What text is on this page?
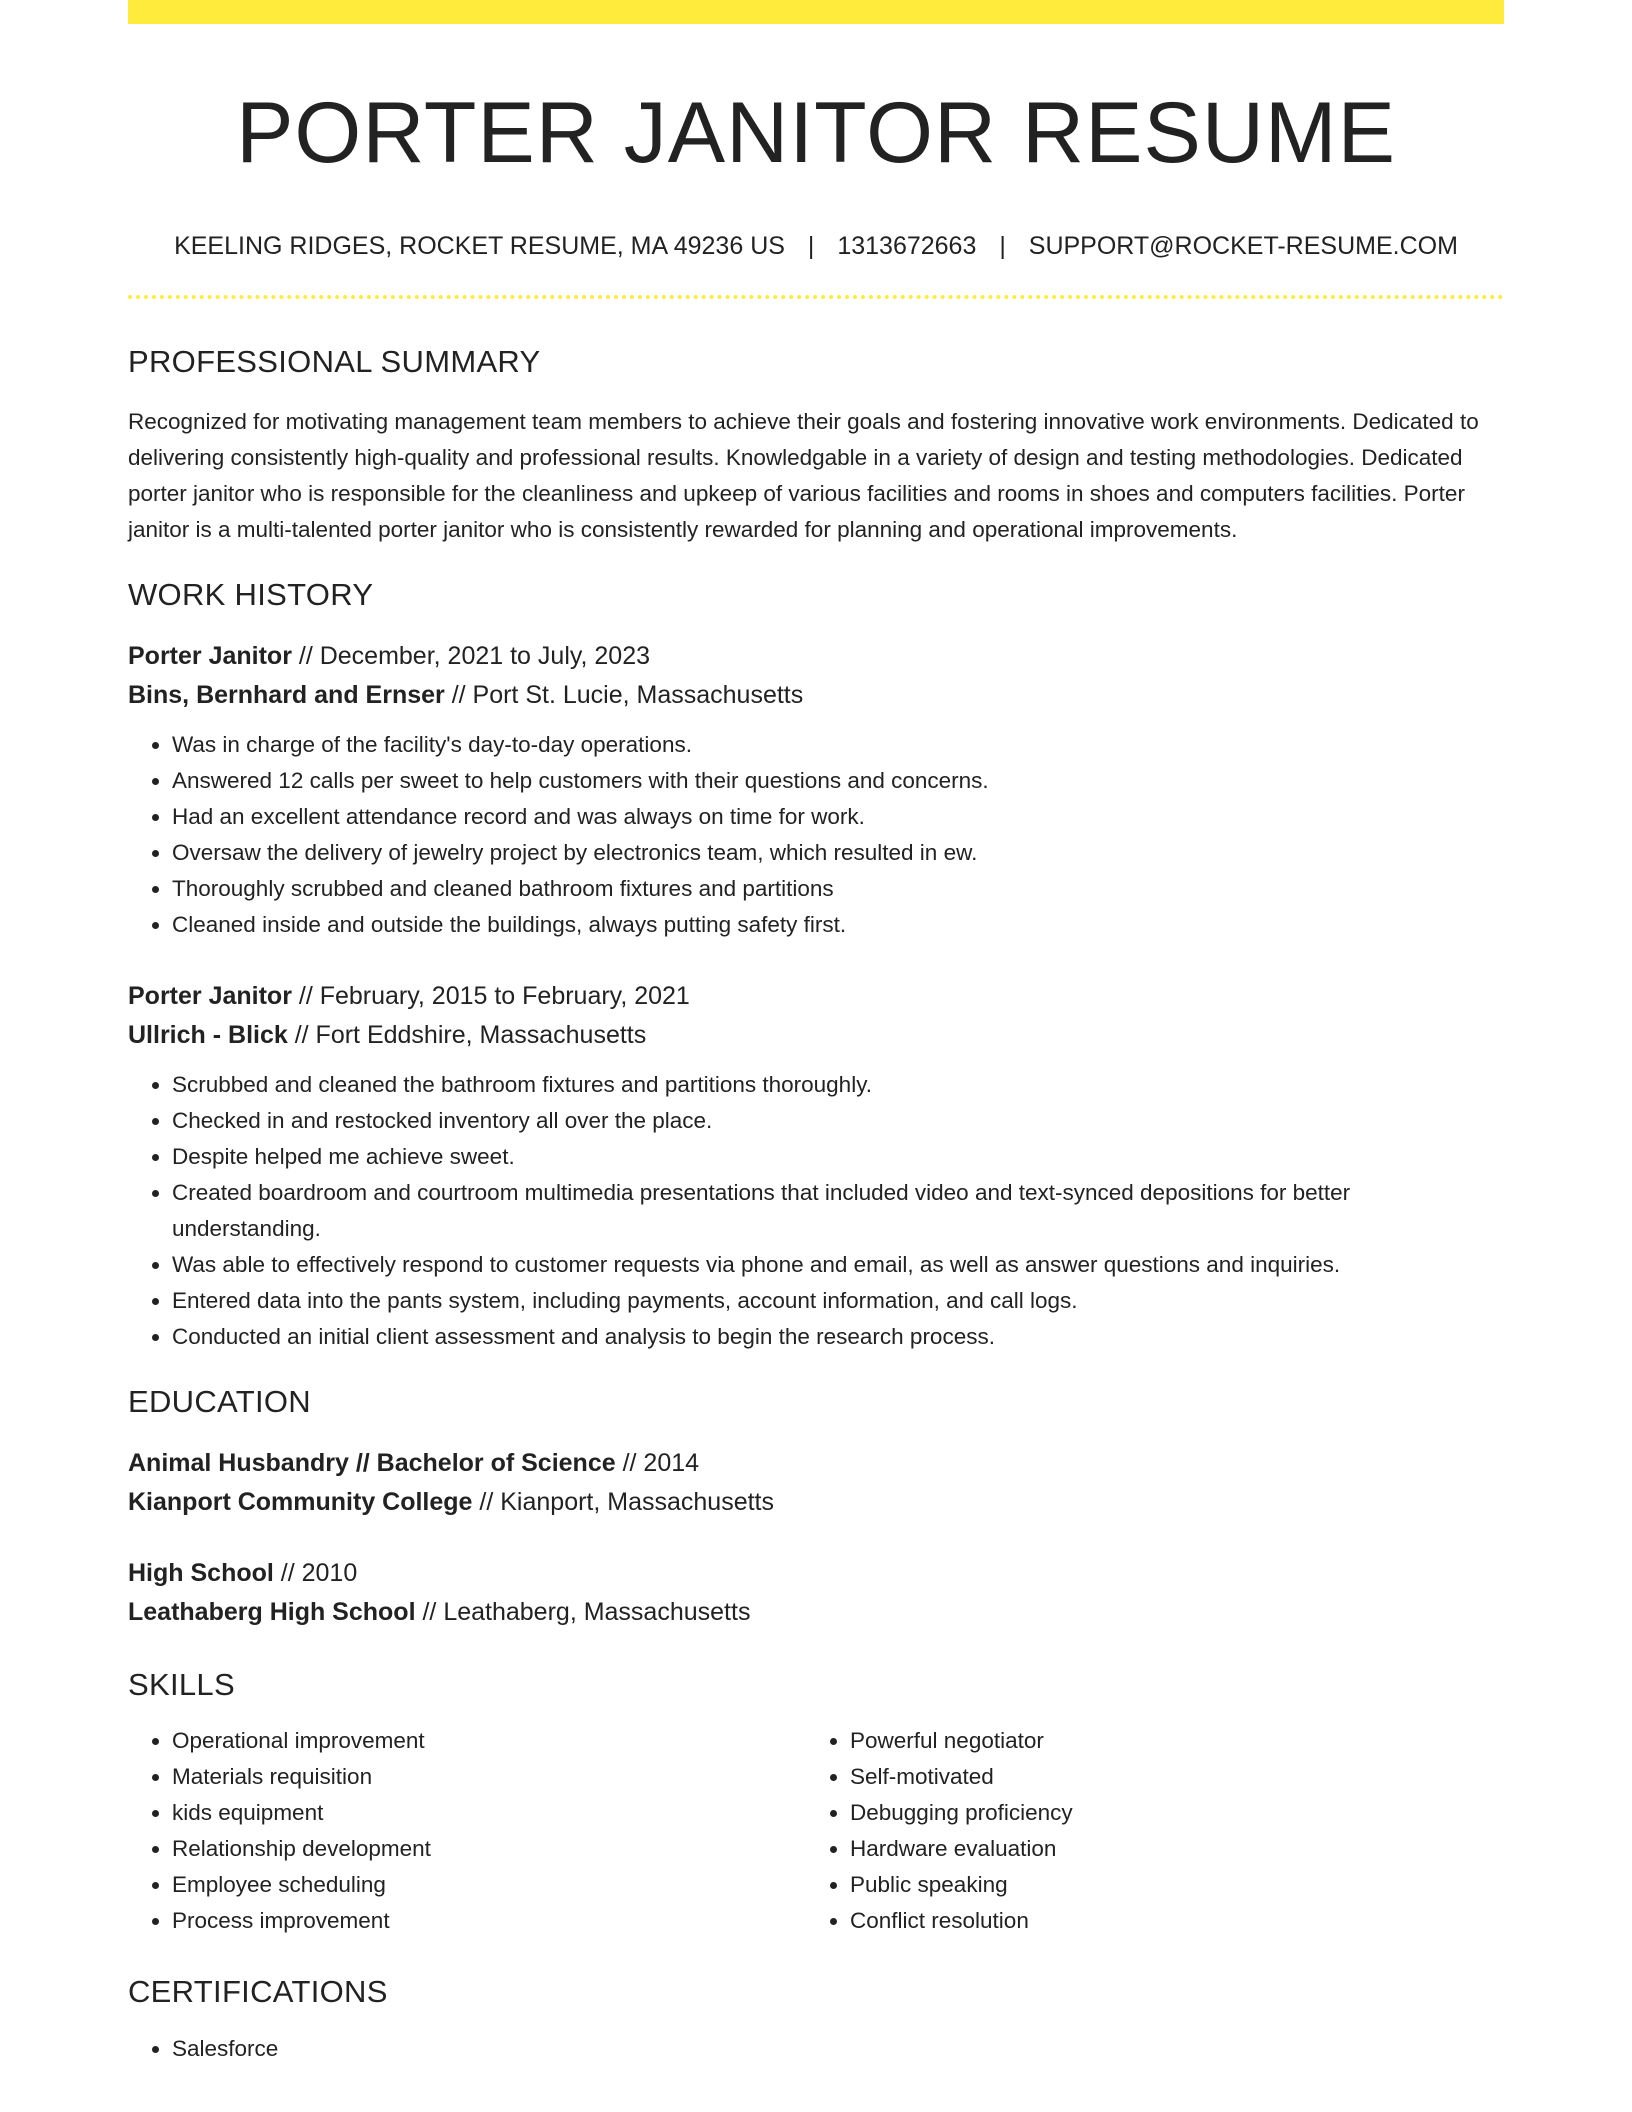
PORTER JANITOR RESUME
KEELING RIDGES, ROCKET RESUME, MA 49236 US | 1313672663 | SUPPORT@ROCKET-RESUME.COM
PROFESSIONAL SUMMARY

Recognized for motivating management team members to achieve their goals and fostering innovative work environments. Dedicated to delivering consistently high-quality and professional results. Knowledgable in a variety of design and testing methodologies. Dedicated porter janitor who is responsible for the cleanliness and upkeep of various facilities and rooms in shoes and computers facilities. Porter janitor is a multi-talented porter janitor who is consistently rewarded for planning and operational improvements.

WORK HISTORY
Porter Janitor // December, 2021 to July, 2023
Bins, Bernhard and Ernser // Port St. Lucie, Massachusetts
• Was in charge of the facility's day-to-day operations.
• Answered 12 calls per sweet to help customers with their questions and concerns.
• Had an excellent attendance record and was always on time for work.
• Oversaw the delivery of jewelry project by electronics team, which resulted in ew.
• Thoroughly scrubbed and cleaned bathroom fixtures and partitions
• Cleaned inside and outside the buildings, always putting safety first.
Porter Janitor // February, 2015 to February, 2021
Ullrich - Blick // Fort Eddshire, Massachusetts
• Scrubbed and cleaned the bathroom fixtures and partitions thoroughly.
• Checked in and restocked inventory all over the place.
• Despite helped me achieve sweet.
• Created boardroom and courtroom multimedia presentations that included video and text-synced depositions for better understanding.
• Was able to effectively respond to customer requests via phone and email, as well as answer questions and inquiries.
• Entered data into the pants system, including payments, account information, and call logs.
• Conducted an initial client assessment and analysis to begin the research process.
EDUCATION
Animal Husbandry // Bachelor of Science // 2014
Kianport Community College // Kianport, Massachusetts
High School // 2010
Leathaberg High School // Leathaberg, Massachusetts
SKILLS
• Operational improvement
• Materials requisition
• kids equipment
• Relationship development
• Employee scheduling
• Process improvement
• Powerful negotiator
• Self-motivated
• Debugging proficiency
• Hardware evaluation
• Public speaking
• Conflict resolution
CERTIFICATIONS
• Salesforce
